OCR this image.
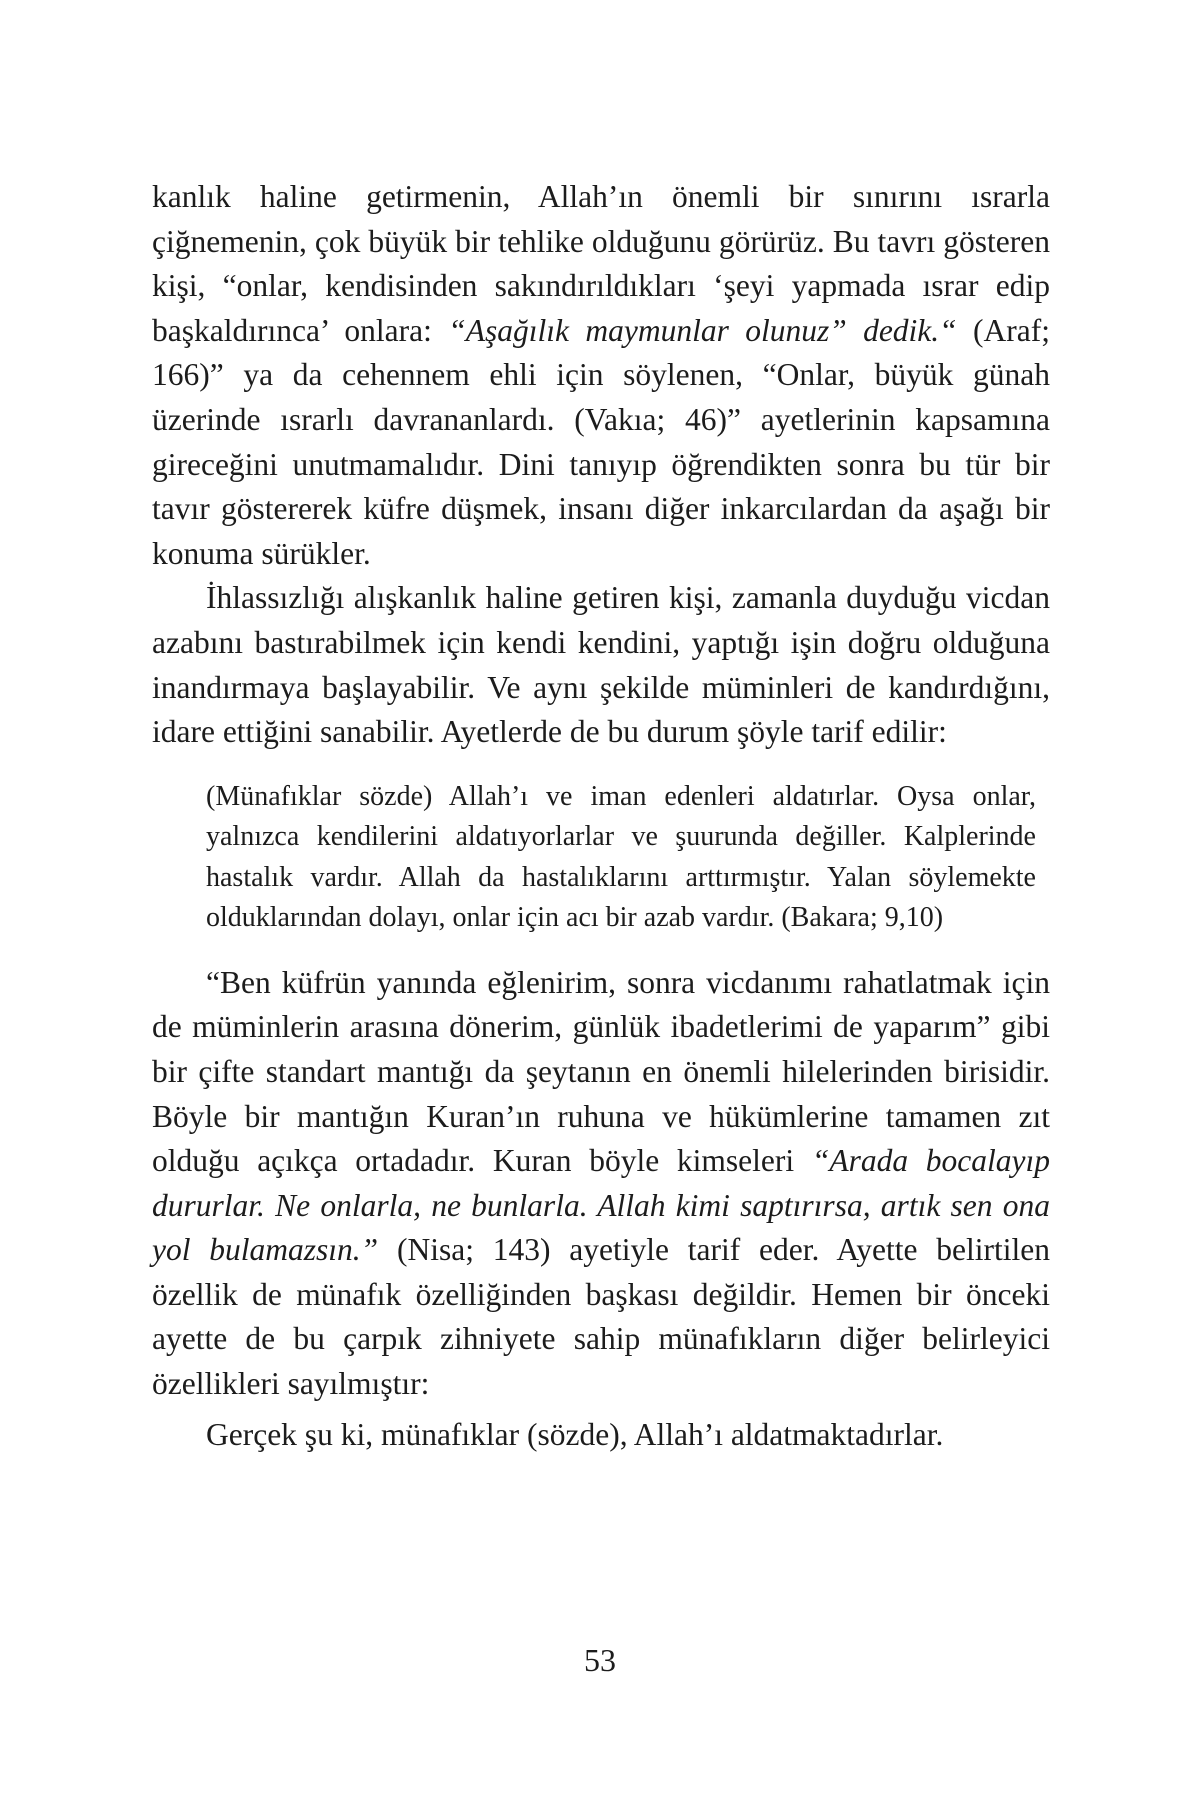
kanlık haline getirmenin, Allah’ın önemli bir sınırını ısrarla çiğnemenin, çok büyük bir tehlike olduğunu görürüz. Bu tavrı gösteren kişi, “onlar, kendisinden sakındırıldıkları ‘şeyi yapmada ısrar edip başkaldırınca’ onlara: “Aşağılık maymunlar olunuz” dedik.“ (Araf; 166)” ya da cehennem ehli için söylenen, “Onlar, büyük günah üzerinde ısrarlı davrananlardı. (Vakıa; 46)” ayetlerinin kapsamına gireceğini unutmamalıdır. Dini tanıyıp öğrendikten sonra bu tür bir tavır göstererek küfre düşmek, insanı diğer inkarcılardan da aşağı bir konuma sürükler.

İhlassızlığı alışkanlık haline getiren kişi, zamanla duyduğu vicdan azabını bastırabilmek için kendi kendini, yaptığı işin doğru olduğuna inandırmaya başlayabilir. Ve aynı şekilde müminleri de kandırdığını, idare ettiğini sanabilir. Ayetlerde de bu durum şöyle tarif edilir:

(Münafıklar sözde) Allah’ı ve iman edenleri aldatırlar. Oysa onlar, yalnızca kendilerini aldatıyorlarlar ve şuurunda değiller. Kalplerinde hastalık vardır. Allah da hastalıklarını arttırmıştır. Yalan söylemekte olduklarından dolayı, onlar için acı bir azab vardır. (Bakara; 9,10)

“Ben küfrün yanında eğlenirim, sonra vicdanımı rahatlatmak için de müminlerin arasına dönerim, günlük ibadetlerimi de yaparım” gibi bir çifte standart mantığı da şeytanın en önemli hilelerinden birisidir. Böyle bir mantığın Kuran’ın ruhuna ve hükümlerine tamamen zıt olduğu açıkça ortadadır. Kuran böyle kimseleri “Arada bocalayıp dururlar. Ne onlarla, ne bunlarla. Allah kimi saptırırsa, artık sen ona yol bulamazsın.” (Nisa; 143) ayetiyle tarif eder. Ayette belirtilen özellik de münafık özelliğinden başkası değildir. Hemen bir önceki ayette de bu çarpık zihniyete sahip münafıkların diğer belirleyici özellikleri sayılmıştır:

Gerçek şu ki, münafıklar (sözde), Allah’ı aldatmaktadırlar.

53
